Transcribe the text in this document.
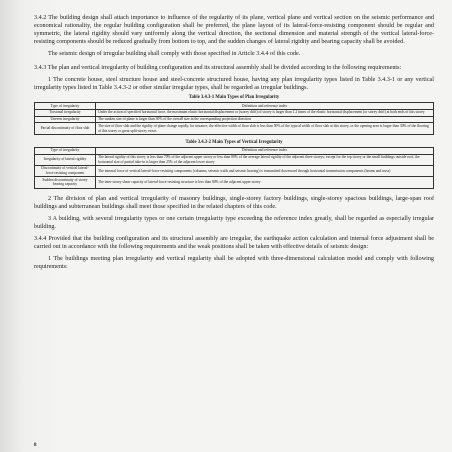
3.4.2 The building design shall attach importance to influence of the regularity of its plane, vertical plane and vertical section on the seismic performance and economical rationality, the regular building configuration shall be preferred, the plane layout of its lateral-force-resisting component should be regular and symmetric, the lateral rigidity should vary uniformly along the vertical direction, the sectional dimension and material strength of the vertical lateral-force-resisting components should be reduced gradually from bottom to top, and the sudden changes of lateral rigidity and bearing capacity shall be avoided.

The seismic design of irregular building shall comply with those specified in Article 3.4.4 of this code.

3.4.3 The plan and vertical irregularity of building configuration and its structural assembly shall be divided according to the following requirements:

1 The concrete house, steel structure house and steel-concrete structured house, having any plan irregularity types listed in Table 3.4.3-1 or any vertical irregularity types listed in Table 3.4.3-2 or other similar irregular types, shall be regarded as irregular buildings.

Table 3.4.3-1 Main Types of Plan Irregularity
Type of irregularity	Definition and reference index
Torsional irregularity	Under the action of specified horizontal force, the maximum elastic horizontal displacement or (storey drift) of storey is larger than 1.2 times of the elastic horizontal displacement (or storey drift) at both ends of this storey
Uneven irregularity	The sunken size of plane is larger than 30% of the overall size in the corresponding projection direction
Partial discontinuity of floor slab	The size of floor slab and the rigidity of plane change rapidly, for instance, the effective width of floor slab is less than 50% of the typical width of floor slab at this storey, or the opening area is larger than 30% of the flooring of this storey or great split-storey exists
Table 3.4.3-2 Main Types of Vertical Irregularity
Type of irregularity	Definition and reference index
Irregularity of lateral rigidity	The lateral rigidity of this storey is less than 70% of the adjacent upper storey or less than 80% of the average lateral rigidity of the adjacent three storeys; except for the top storey or the small buildings outside roof, the horizontal size of partial take-in is larger than 25% of the adjacent lower storey
Discontinuity of vertical lateral-force-resisting component	The internal force of vertical lateral-force-resisting components (columns, seismic walls and seismic bracing) is transmitted downward through horizontal transmission components (beams and truss)
Sudden discontinuity of storey bearing capacity	The inter-storey shear capacity of lateral-force-resisting structure is less than 80% of the adjacent upper storey

2 The division of plan and vertical irregularity of masonry buildings, single-storey factory buildings, single-storey spacious buildings, large-span roof buildings and subterranean buildings shall meet those specified in the related chapters of this code.

3 A building, with several irregularity types or one certain irregularity type exceeding the reference index greatly, shall be regarded as especially irregular building.

3.4.4 Provided that the building configuration and its structural assembly are irregular, the earthquake action calculation and internal force adjustment shall be carried out in accordance with the following requirements and the weak positions shall be taken with effective details of seismic design:

1 The buildings meeting plan irregularity and vertical regularity shall be adopted with three-dimensional calculation model and comply with following requirements:

8
